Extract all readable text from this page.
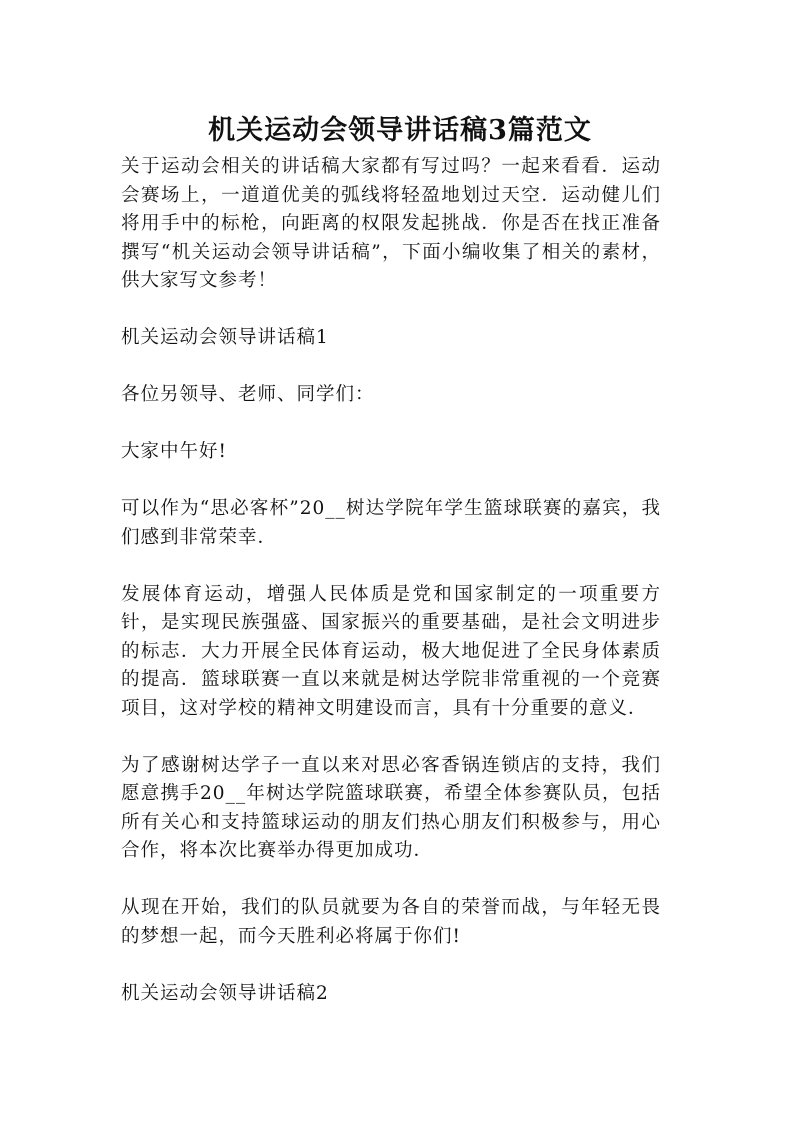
机关运动会领导讲话稿3篇范文

关于运动会相关的讲话稿大家都有写过吗？一起来看看．运动会赛场上，一道道优美的弧线将轻盈地划过天空．运动健儿们将用手中的标枪，向距离的权限发起挑战．你是否在找正准备撰写“机关运动会领导讲话稿”，下面小编收集了相关的素材，供大家写文参考！

机关运动会领导讲话稿1

各位另领导、老师、同学们：

大家中午好!

可以作为“思必客杯”20__树达学院年学生篮球联赛的嘉宾，我们感到非常荣幸．

发展体育运动，增强人民体质是党和国家制定的一项重要方针，是实现民族强盛、国家振兴的重要基础，是社会文明进步的标志．大力开展全民体育运动，极大地促进了全民身体素质的提高．篮球联赛一直以来就是树达学院非常重视的一个竞赛项目，这对学校的精神文明建设而言，具有十分重要的意义．

为了感谢树达学子一直以来对思必客香锅连锁店的支持，我们愿意携手20__年树达学院篮球联赛，希望全体参赛队员，包括所有关心和支持篮球运动的朋友们热心朋友们积极参与，用心合作，将本次比赛举办得更加成功．

从现在开始，我们的队员就要为各自的荣誉而战，与年轻无畏的梦想一起，而今天胜利必将属于你们!

机关运动会领导讲话稿2
